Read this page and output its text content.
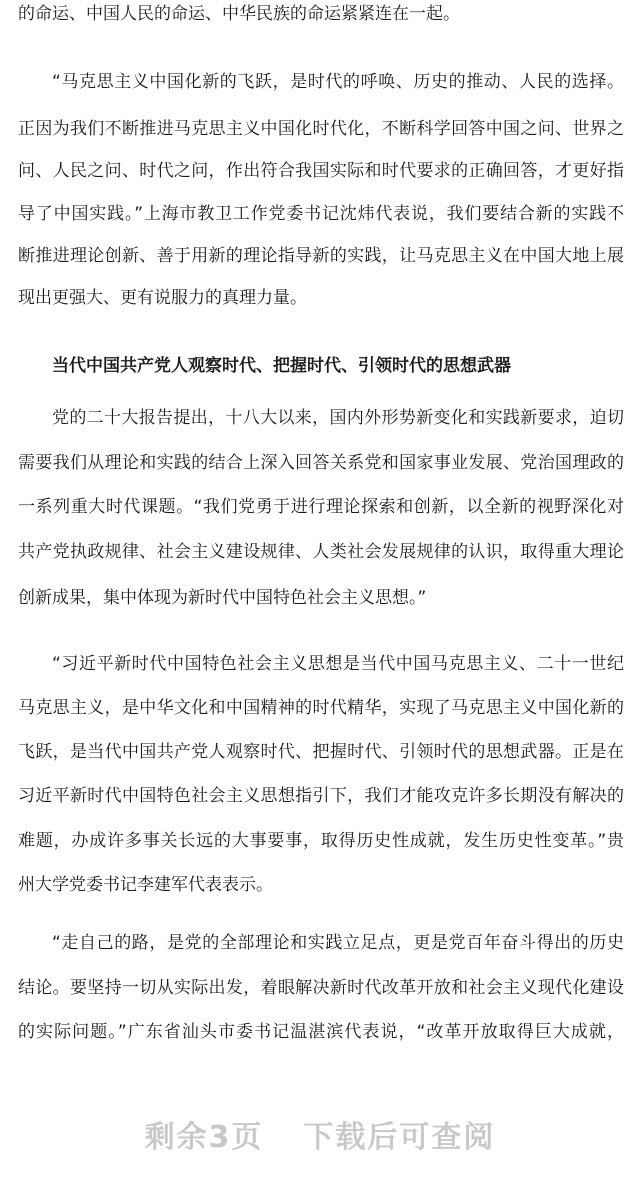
的命运、中国人民的命运、中华民族的命运紧紧连在一起。
“马克思主义中国化新的飞跃，是时代的呼唤、历史的推动、人民的选择。
正因为我们不断推进马克思主义中国化时代化，不断科学回答中国之问、世界之
问、人民之问、时代之问，作出符合我国实际和时代要求的正确回答，才更好指
导了中国实践。”上海市教卫工作党委书记沈炜代表说，我们要结合新的实践不
断推进理论创新、善于用新的理论指导新的实践，让马克思主义在中国大地上展
现出更强大、更有说服力的真理力量。
当代中国共产党人观察时代、把握时代、引领时代的思想武器
党的二十大报告提出，十八大以来，国内外形势新变化和实践新要求，迫切
需要我们从理论和实践的结合上深入回答关系党和国家事业发展、党治国理政的
一系列重大时代课题。“我们党勇于进行理论探索和创新，以全新的视野深化对
共产党执政规律、社会主义建设规律、人类社会发展规律的认识，取得重大理论
创新成果，集中体现为新时代中国特色社会主义思想。”
“习近平新时代中国特色社会主义思想是当代中国马克思主义、二十一世纪
马克思主义，是中华文化和中国精神的时代精华，实现了马克思主义中国化新的
飞跃，是当代中国共产党人观察时代、把握时代、引领时代的思想武器。正是在
习近平新时代中国特色社会主义思想指引下，我们才能攻克许多长期没有解决的
难题，办成许多事关长远的大事要事，取得历史性成就，发生历史性变革。”贵
州大学党委书记李建军代表表示。
“走自己的路，是党的全部理论和实践立足点，更是党百年奋斗得出的历史
结论。要坚持一切从实际出发，着眼解决新时代改革开放和社会主义现代化建设
的实际问题。”广东省汕头市委书记温湛滨代表说，“改革开放取得巨大成就，
剩余3页 下载后可查阅
